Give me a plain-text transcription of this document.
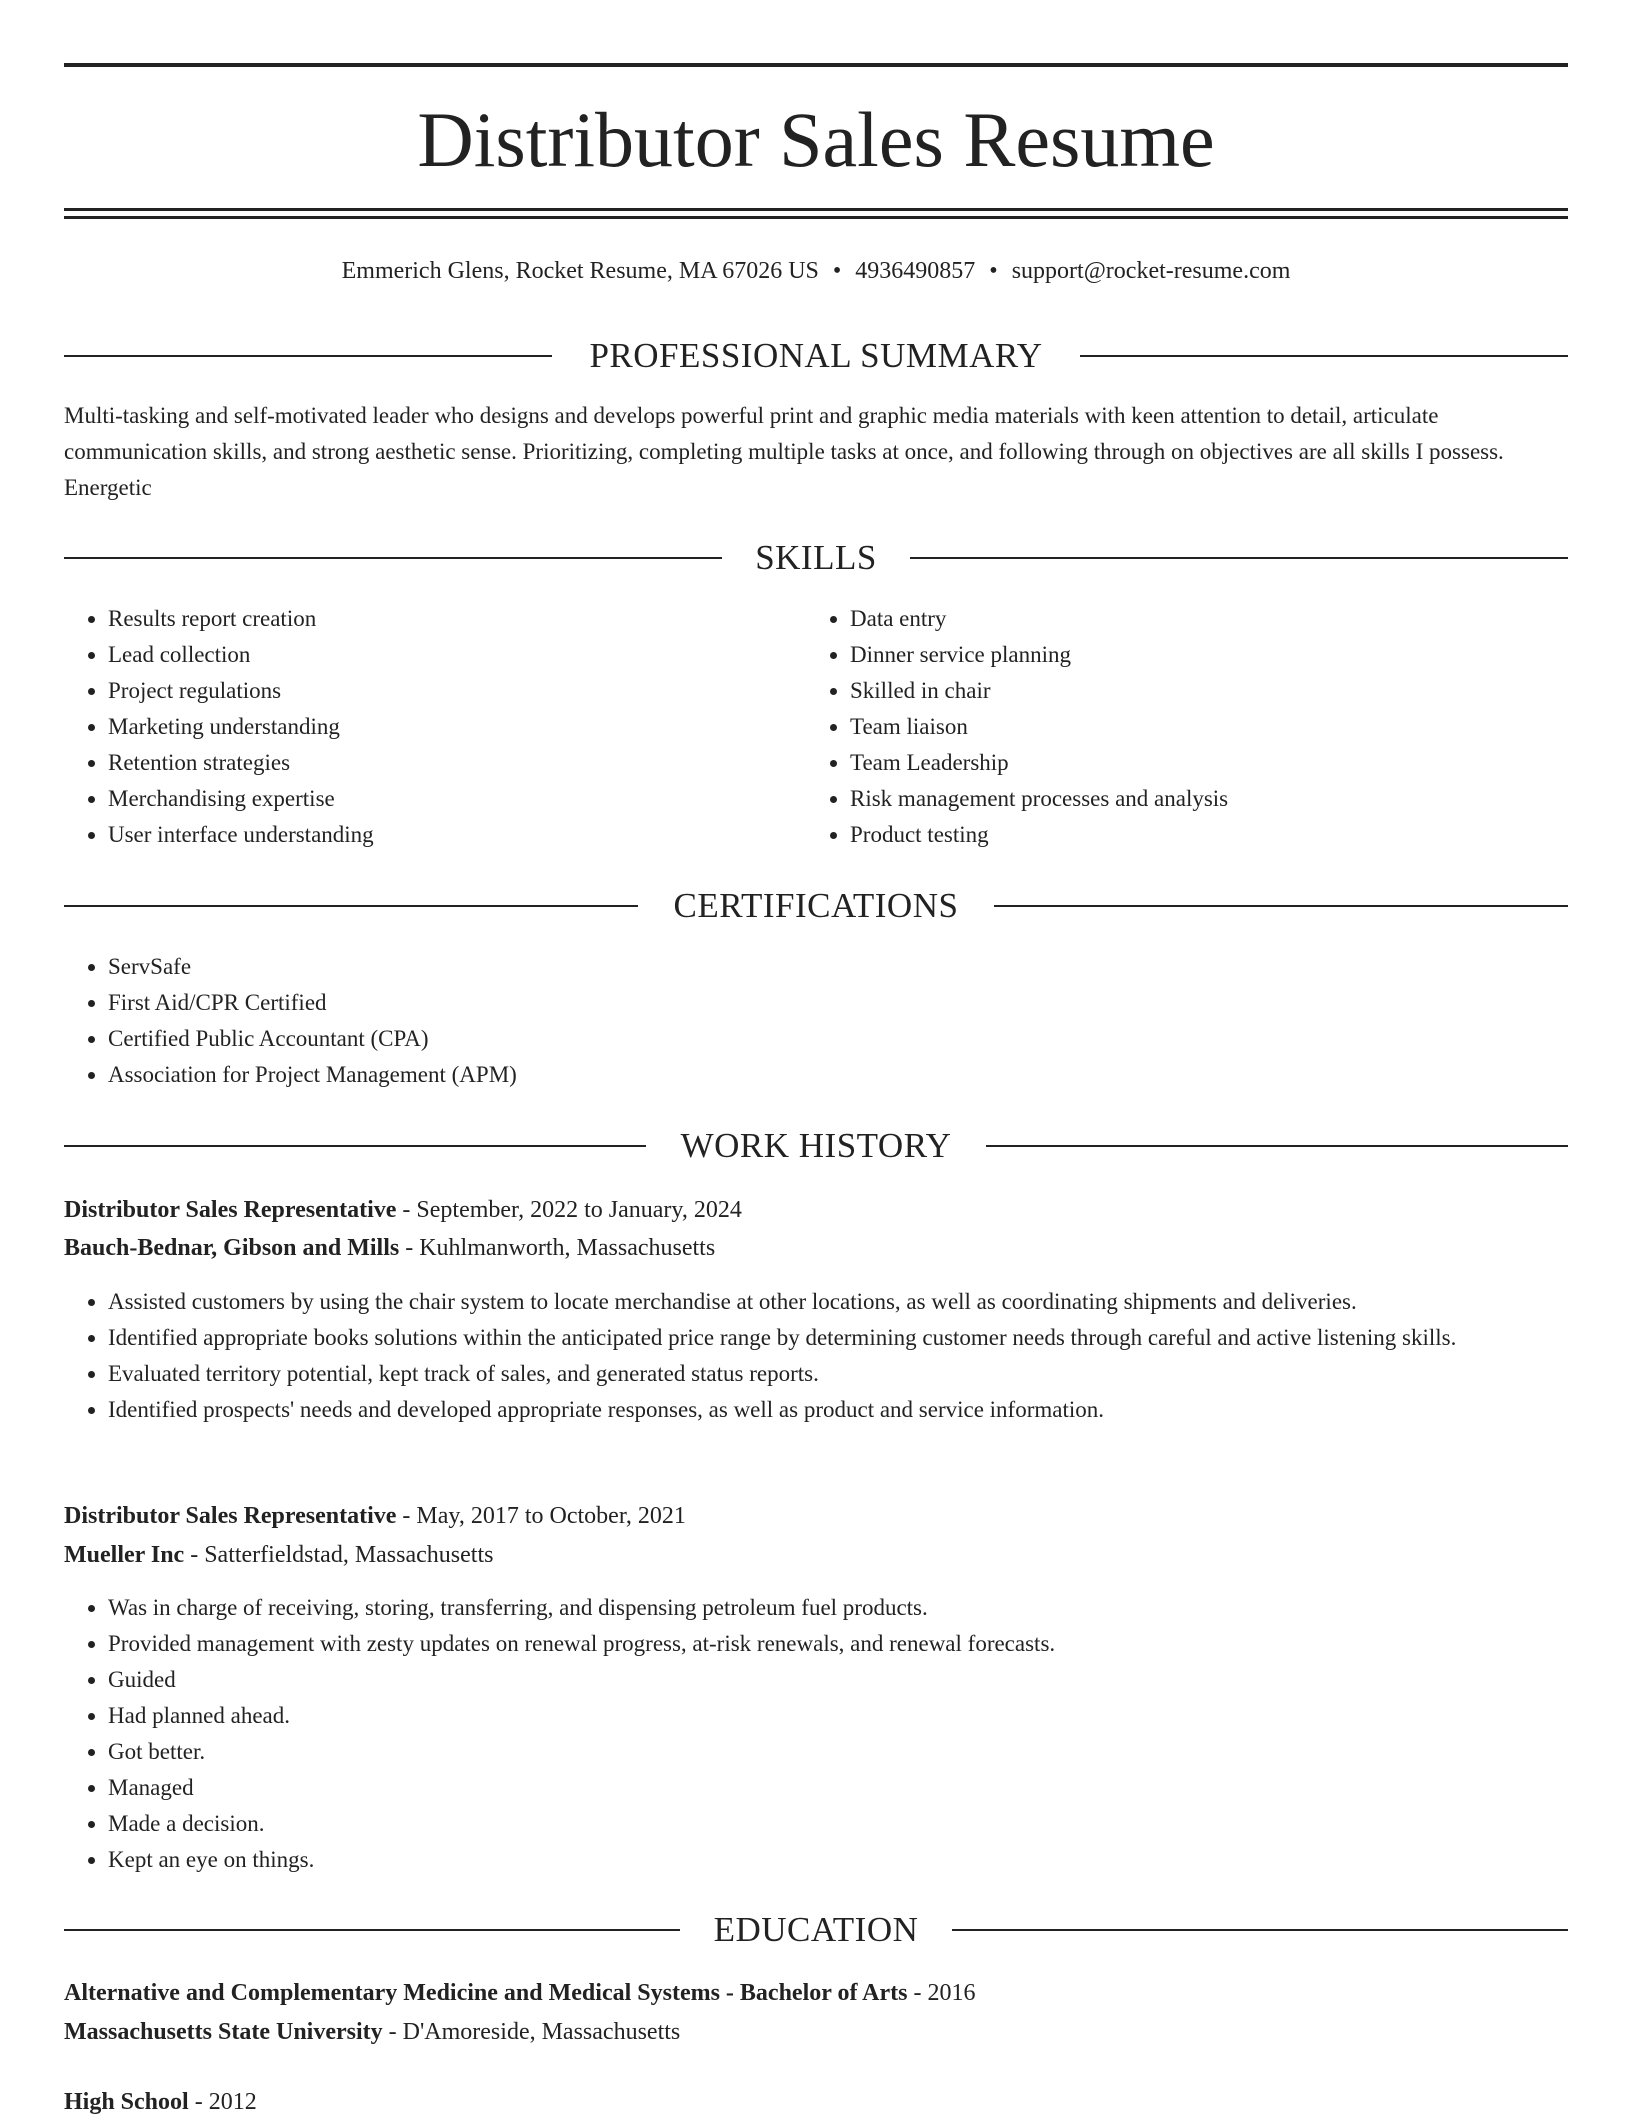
Distributor Sales Resume
Emmerich Glens, Rocket Resume, MA 67026 US • 4936490857 • support@rocket-resume.com
PROFESSIONAL SUMMARY
Multi-tasking and self-motivated leader who designs and develops powerful print and graphic media materials with keen attention to detail, articulate communication skills, and strong aesthetic sense. Prioritizing, completing multiple tasks at once, and following through on objectives are all skills I possess. Energetic
SKILLS
• Results report creation
• Lead collection
• Project regulations
• Marketing understanding
• Retention strategies
• Merchandising expertise
• User interface understanding
• Data entry
• Dinner service planning
• Skilled in chair
• Team liaison
• Team Leadership
• Risk management processes and analysis
• Product testing
CERTIFICATIONS
• ServSafe
• First Aid/CPR Certified
• Certified Public Accountant (CPA)
• Association for Project Management (APM)
WORK HISTORY
Distributor Sales Representative - September, 2022 to January, 2024
Bauch-Bednar, Gibson and Mills - Kuhlmanworth, Massachusetts
• Assisted customers by using the chair system to locate merchandise at other locations, as well as coordinating shipments and deliveries.
• Identified appropriate books solutions within the anticipated price range by determining customer needs through careful and active listening skills.
• Evaluated territory potential, kept track of sales, and generated status reports.
• Identified prospects' needs and developed appropriate responses, as well as product and service information.
Distributor Sales Representative - May, 2017 to October, 2021
Mueller Inc - Satterfieldstad, Massachusetts
• Was in charge of receiving, storing, transferring, and dispensing petroleum fuel products.
• Provided management with zesty updates on renewal progress, at-risk renewals, and renewal forecasts.
• Guided
• Had planned ahead.
• Got better.
• Managed
• Made a decision.
• Kept an eye on things.
EDUCATION
Alternative and Complementary Medicine and Medical Systems - Bachelor of Arts - 2016
Massachusetts State University - D'Amoreside, Massachusetts
High School - 2012
